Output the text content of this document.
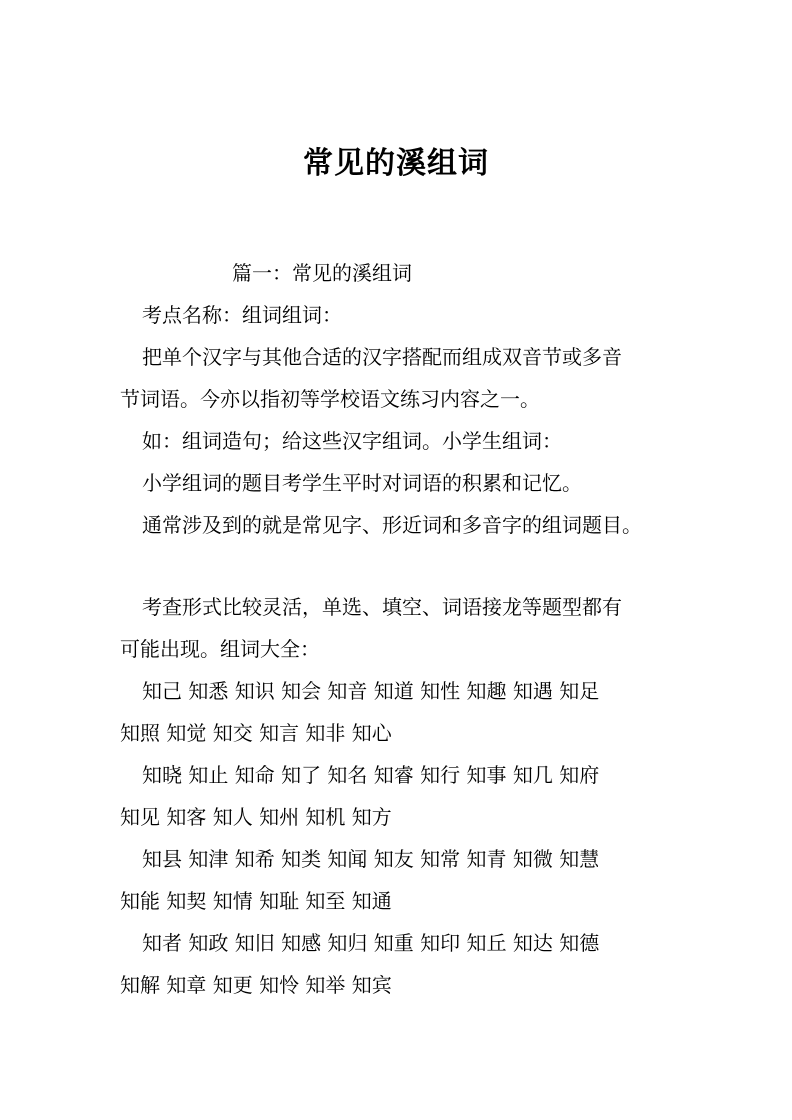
常见的溪组词
篇一：常见的溪组词
考点名称：组词组词：
把单个汉字与其他合适的汉字搭配而组成双音节或多音
节词语。今亦以指初等学校语文练习内容之一。
如：组词造句；给这些汉字组词。小学生组词：
小学组词的题目考学生平时对词语的积累和记忆。
通常涉及到的就是常见字、形近词和多音字的组词题目。
考查形式比较灵活，单选、填空、词语接龙等题型都有
可能出现。组词大全：
知己 知悉 知识 知会 知音 知道 知性 知趣 知遇 知足
知照 知觉 知交 知言 知非 知心
知晓 知止 知命 知了 知名 知睿 知行 知事 知几 知府
知见 知客 知人 知州 知机 知方
知县 知津 知希 知类 知闻 知友 知常 知青 知微 知慧
知能 知契 知情 知耻 知至 知通
知者 知政 知旧 知感 知归 知重 知印 知丘 知达 知德
知解 知章 知更 知怜 知举 知宾
